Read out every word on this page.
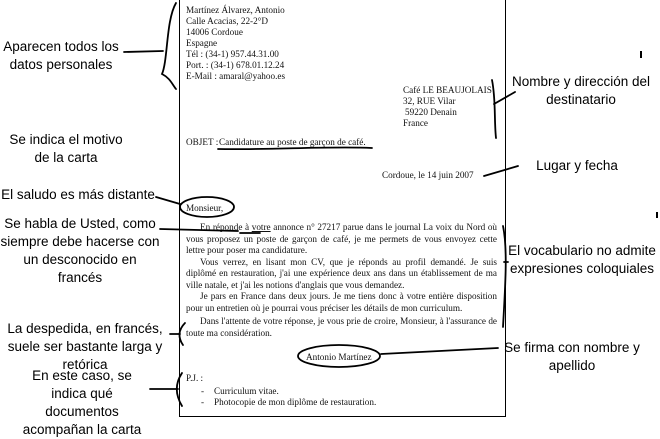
Aparecen todos los datos personales
Se indica el motivo de la carta
El saludo es más distante
Se habla de Usted, como siempre debe hacerse con un desconocido en francés
La despedida, en francés, suele ser bastante larga y retórica
En este caso, se indica qué documentos acompañan la carta
Nombre y dirección del destinatario
Lugar y fecha
El vocabulario no admite expresiones coloquiales
Se firma con nombre y apellido
Martínez Álvarez, Antonio
Calle Acacias, 22-2°D
14006 Cordoue
Espagne
Tél : (34-1) 957.44.31.00
Port. : (34-1) 678.01.12.24
E-Mail : amaral@yahoo.es
Café LE BEAUJOLAIS
32, RUE Vilar
59220 Denain
France
OBJET : Candidature au poste de garçon de café.
Cordoue, le 14 juin 2007
Monsieur,

En réponde à votre annonce n° 27217 parue dans le journal La voix du Nord où vous proposez un poste de garçon de café, je me permets de vous envoyez cette lettre pour poser ma candidature.

Vous verrez, en lisant mon CV, que je réponds au profil demandé. Je suis diplômé en restauration, j'ai une expérience deux ans dans un établissement de ma ville natale, et j'ai les notions d'anglais que vous demandez.

Je pars en France dans deux jours. Je me tiens donc à votre entière disposition pour un entretien où je pourrai vous préciser les détails de mon curriculum.

Dans l'attente de votre réponse, je vous prie de croire, Monsieur, à l'assurance de toute ma considération.

Antonio Martínez
P.J. :
- Curriculum vitae.
- Photocopie de mon diplôme de restauration.
